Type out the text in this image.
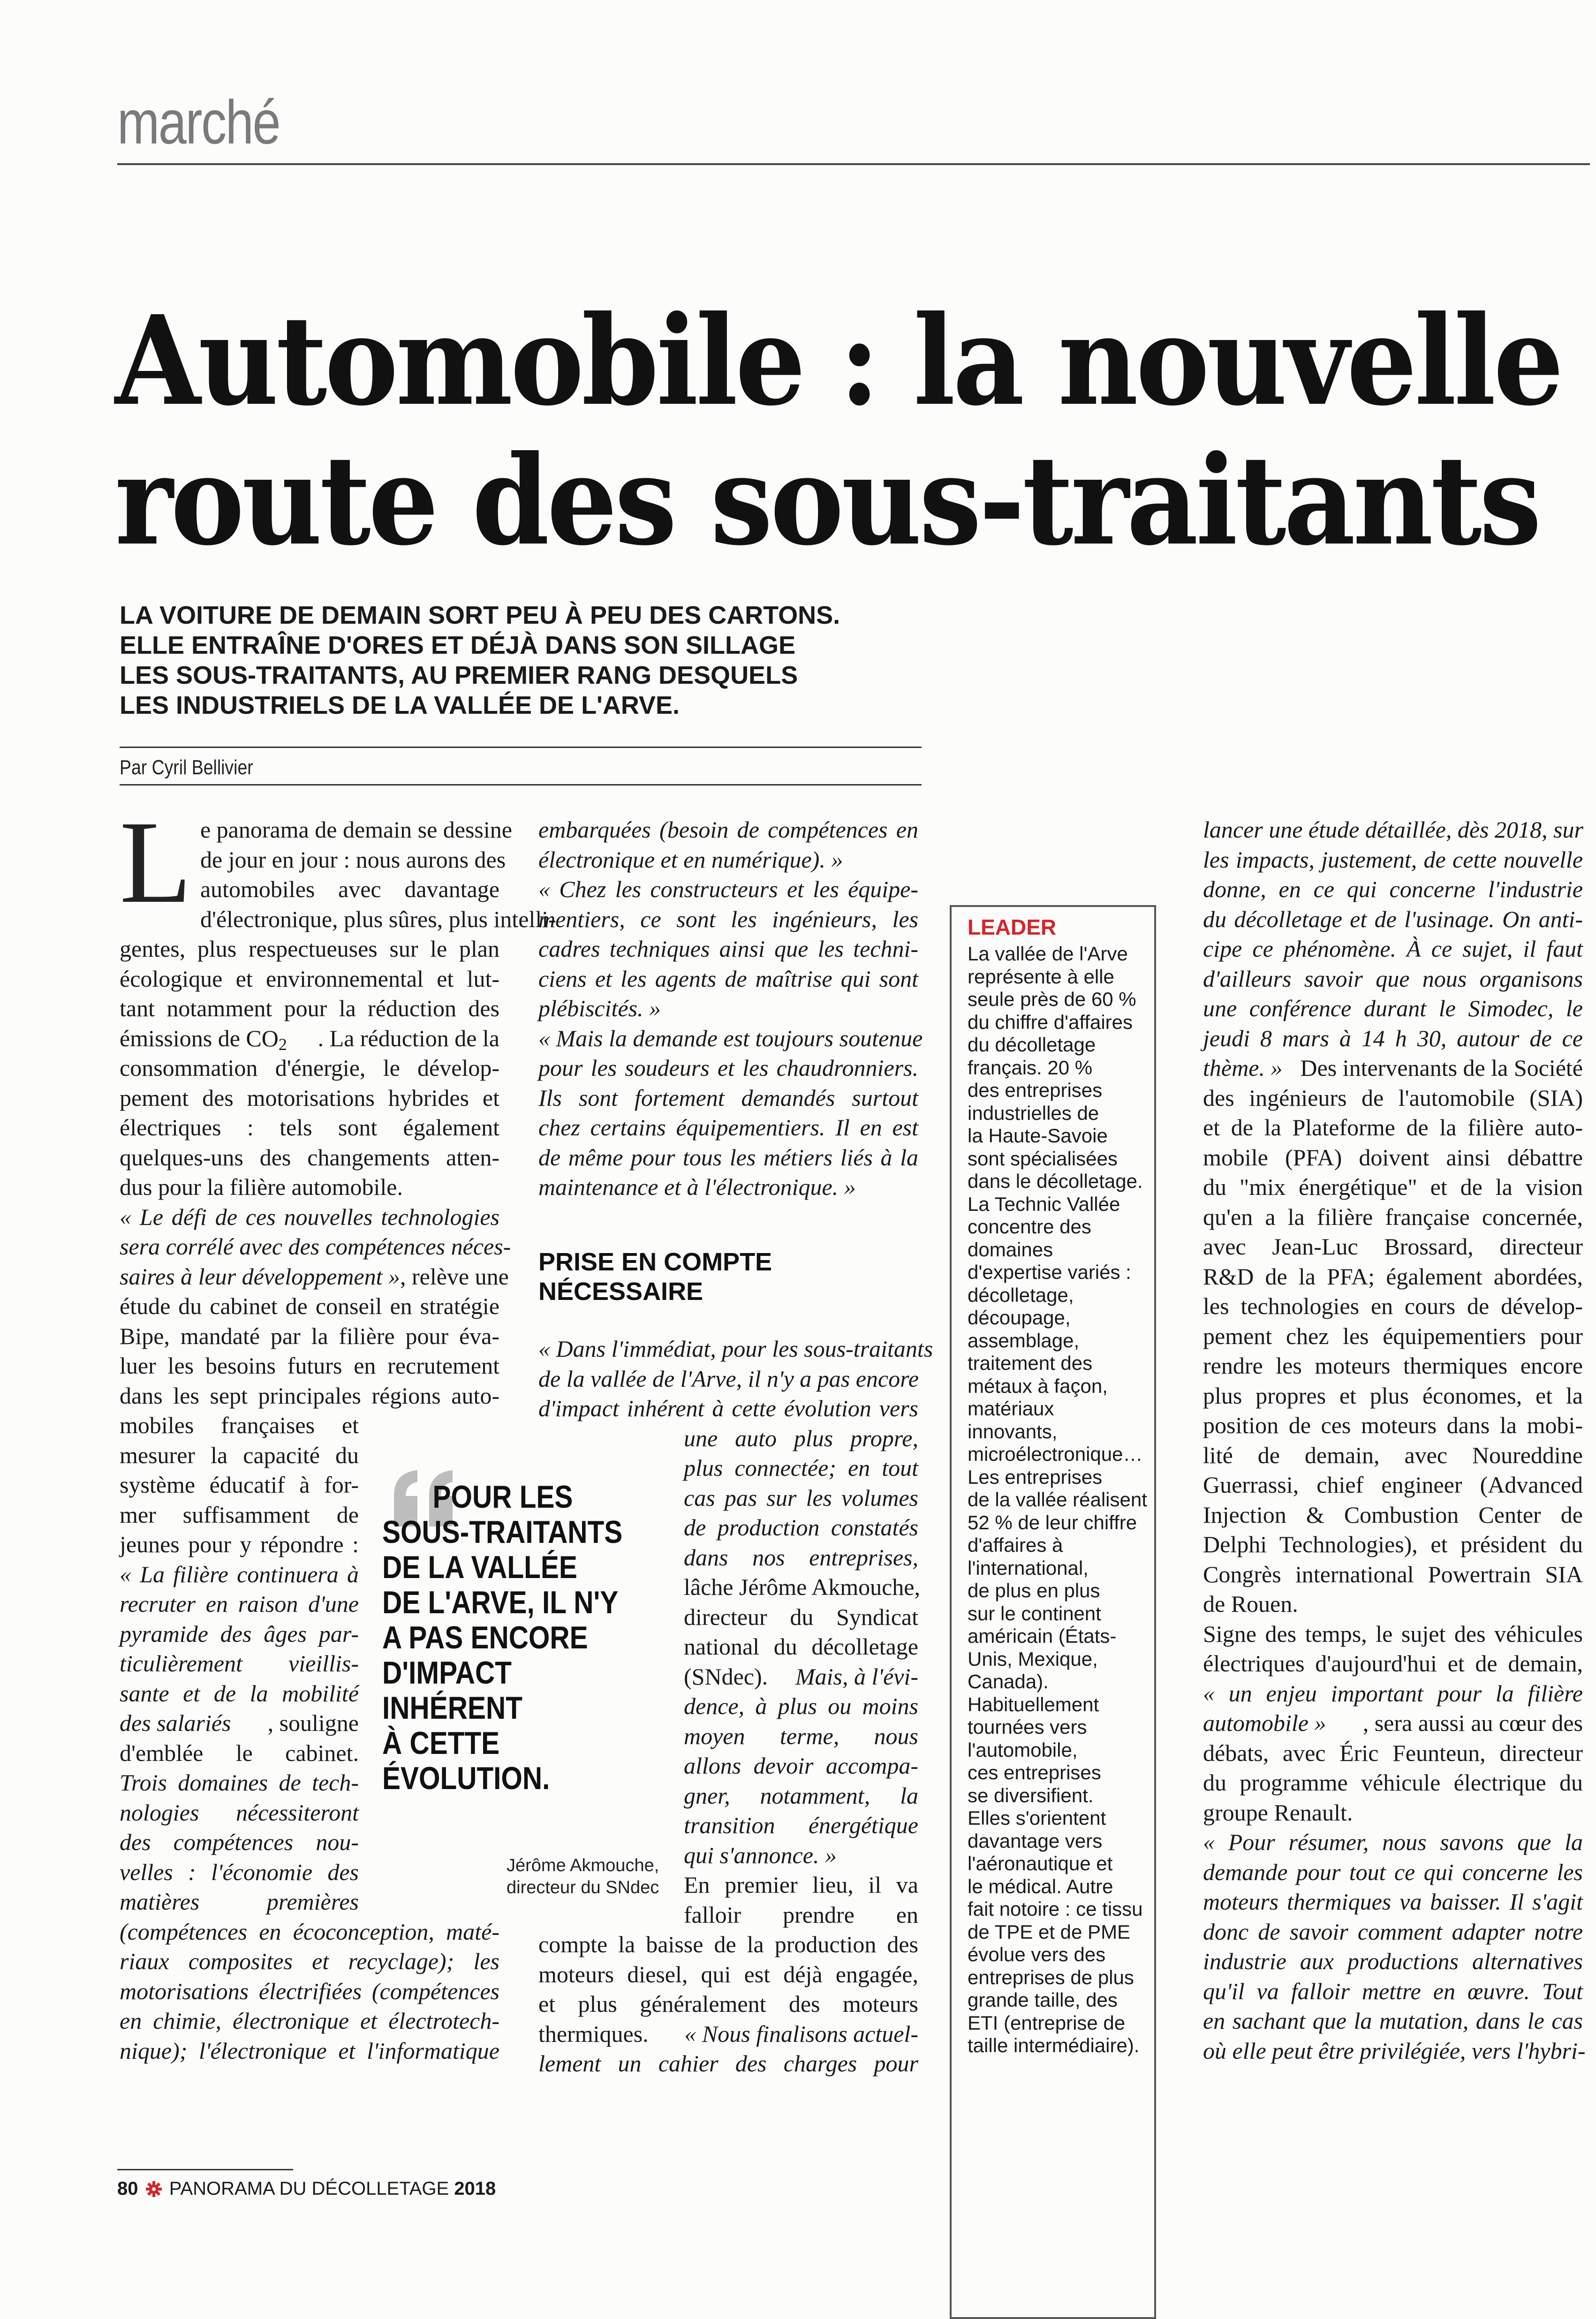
marché
Automobile : la nouvelle
route des sous-traitants
LA VOITURE DE DEMAIN SORT PEU À PEU DES CARTONS.
ELLE ENTRAÎNE D'ORES ET DÉJÀ DANS SON SILLAGE
LES SOUS-TRAITANTS, AU PREMIER RANG DESQUELS
LES INDUSTRIELS DE LA VALLÉE DE L'ARVE.
Par Cyril Bellivier
L e panorama de demain se dessine
de jour en jour : nous aurons des
automobiles avec davantage
d'électronique, plus sûres, plus intelli-
gentes, plus respectueuses sur le plan
écologique et environnemental et lut-
tant notamment pour la réduction des
émissions de $CO_2$ . La réduction de la
consommation d'énergie, le dévelop-
pement des motorisations hybrides et
électriques : tels sont également
quelques-uns des changements atten-
dus pour la filière automobile.
« Le défi de ces nouvelles technologies
sera corrélé avec des compétences néces-
saires à leur développement » , relève une
étude du cabinet de conseil en stratégie
Bipe, mandaté par la filière pour éva-
luer les besoins futurs en recrutement
dans les sept principales régions auto-
mobiles françaises et
mesurer la capacité du
système éducatif à for-
mer suffisamment de
jeunes pour y répondre :
« La filière continuera à
recruter en raison d'une
pyramide des âges par-
ticulièrement vieillis-
sante et de la mobilité
des salariés , souligne
d'emblée le cabinet.
Trois domaines de tech-
nologies nécessiteront
des compétences nou-
velles : l'économie des
matières premières
(compétences en écoconception, maté-
riaux composites et recyclage); les
motorisations électrifiées (compétences
en chimie, électronique et électrotech-
nique); l'électronique et l'informatique
POUR LES
SOUS-TRAITANTS
DE LA VALLÉE
DE L'ARVE, IL N'Y
A PAS ENCORE
D'IMPACT
INHÉRENT
À CETTE
ÉVOLUTION.
Jérôme Akmouche,
directeur du SNdec
embarquées (besoin de compétences en
électronique et en numérique). »
« Chez les constructeurs et les équipe-
mentiers, ce sont les ingénieurs, les
cadres techniques ainsi que les techni-
ciens et les agents de maîtrise qui sont
plébiscités. »
« Mais la demande est toujours soutenue
pour les soudeurs et les chaudronniers.
Ils sont fortement demandés surtout
chez certains équipementiers. Il en est
de même pour tous les métiers liés à la
maintenance et à l'électronique. »
PRISE EN COMPTE
NÉCESSAIRE
« Dans l'immédiat, pour les sous-traitants
de la vallée de l'Arve, il n'y a pas encore
d'impact inhérent à cette évolution vers
une auto plus propre,
plus connectée; en tout
cas pas sur les volumes
de production constatés
dans nos entreprises,
lâche Jérôme Akmouche,
directeur du Syndicat
national du décolletage
(SNdec). Mais, à l'évi-
dence, à plus ou moins
moyen terme, nous
allons devoir accompa-
gner, notamment, la
transition énergétique
qui s'annonce. »
En premier lieu, il va
falloir prendre en
compte la baisse de la production des
moteurs diesel, qui est déjà engagée,
et plus généralement des moteurs
thermiques. « Nous finalisons actuel-
lement un cahier des charges pour
LEADER
La vallée de l'Arve
représente à elle
seule près de 60 %
du chiffre d'affaires
du décolletage
français. 20 %
des entreprises
industrielles de
la Haute-Savoie
sont spécialisées
dans le décolletage.
La Technic Vallée
concentre des
domaines
d'expertise variés :
décolletage,
découpage,
assemblage,
traitement des
métaux à façon,
matériaux
innovants,
microélectronique…
Les entreprises
de la vallée réalisent
52 % de leur chiffre
d'affaires à
l'international,
de plus en plus
sur le continent
américain (États-
Unis, Mexique,
Canada).
Habituellement
tournées vers
l'automobile,
ces entreprises
se diversifient.
Elles s'orientent
davantage vers
l'aéronautique et
le médical. Autre
fait notoire : ce tissu
de TPE et de PME
évolue vers des
entreprises de plus
grande taille, des
ETI (entreprise de
taille intermédiaire).
lancer une étude détaillée, dès 2018, sur
les impacts, justement, de cette nouvelle
donne, en ce qui concerne l'industrie
du décolletage et de l'usinage. On anti-
cipe ce phénomène. À ce sujet, il faut
d'ailleurs savoir que nous organisons
une conférence durant le Simodec, le
jeudi 8 mars à 14 h 30, autour de ce
thème. » Des intervenants de la Société
des ingénieurs de l'automobile (SIA)
et de la Plateforme de la filière auto-
mobile (PFA) doivent ainsi débattre
du "mix énergétique" et de la vision
qu'en a la filière française concernée,
avec Jean-Luc Brossard, directeur
R&D de la PFA; également abordées,
les technologies en cours de dévelop-
pement chez les équipementiers pour
rendre les moteurs thermiques encore
plus propres et plus économes, et la
position de ces moteurs dans la mobi-
lité de demain, avec Noureddine
Guerrassi, chief engineer (Advanced
Injection & Combustion Center de
Delphi Technologies), et président du
Congrès international Powertrain SIA
de Rouen.
Signe des temps, le sujet des véhicules
électriques d'aujourd'hui et de demain,
« un enjeu important pour la filière
automobile » , sera aussi au cœur des
débats, avec Éric Feunteun, directeur
du programme véhicule électrique du
groupe Renault.
« Pour résumer, nous savons que la
demande pour tout ce qui concerne les
moteurs thermiques va baisser. Il s'agit
donc de savoir comment adapter notre
industrie aux productions alternatives
qu'il va falloir mettre en œuvre. Tout
en sachant que la mutation, dans le cas
où elle peut être privilégiée, vers l'hybri-
80 PANORAMA DU DÉCOLLETAGE 2018
